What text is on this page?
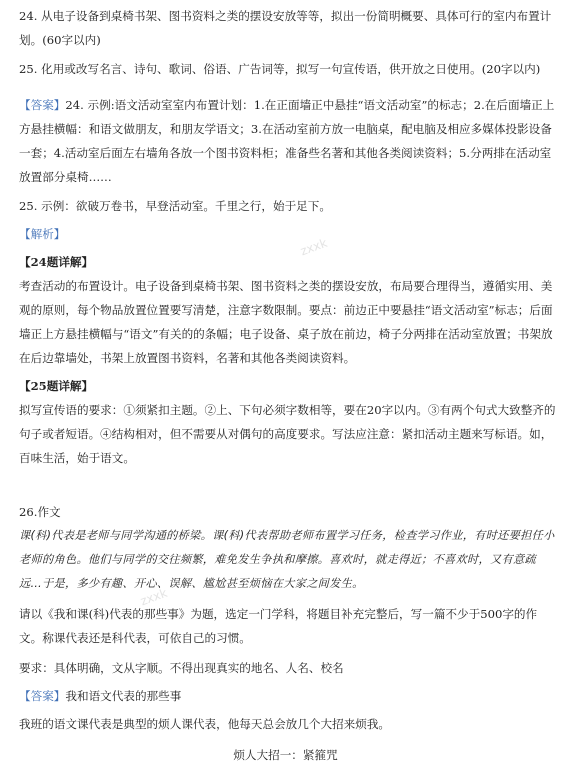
24. 从电子设备到桌椅书架、图书资料之类的摆设安放等等，拟出一份简明概要、具体可行的室内布置计划。(60字以内)

25. 化用或改写名言、诗句、歌词、俗语、广告词等，拟写一句宣传语，供开放之日使用。(20字以内)

【答案】24. 示例:语文活动室室内布置计划：1.在正面墙正中悬挂“语文活动室”的标志；2.在后面墙正上方悬挂横幅：和语文做朋友，和朋友学语文；3.在活动室前方放一电脑桌，配电脑及相应多媒体投影设备一套；4.活动室后面左右墙角各放一个图书资料柜；准备些名著和其他各类阅读资料；5.分两排在活动室放置部分桌椅……

25. 示例：欲破万卷书，早登活动室。千里之行，始于足下。

【解析】

【24题详解】

考查活动的布置设计。电子设备到桌椅书架、图书资料之类的摆设安放，布局要合理得当，遵循实用、美观的原则，每个物品放置位置要写清楚，注意字数限制。要点：前边正中要悬挂“语文活动室”标志；后面墙正上方悬挂横幅与“语文”有关的的条幅；电子设备、桌子放在前边，椅子分两排在活动室放置；书架放在后边靠墙处，书架上放置图书资料，名著和其他各类阅读资料。

【25题详解】

拟写宣传语的要求：①须紧扣主题。②上、下句必须字数相等，要在20字以内。③有两个句式大致整齐的句子或者短语。④结构相对，但不需要从对偶句的高度要求。写法应注意：紧扣活动主题来写标语。如，百味生活，始于语文。

26.作文

课(科)代表是老师与同学沟通的桥梁。课(科)代表帮助老师布置学习任务，检查学习作业，有时还要担任小老师的角色。他们与同学的交往频繁，难免发生争执和摩擦。喜欢时，就走得近；不喜欢时，又有意疏远…于是，多少有趣、开心、误解、尴尬甚至烦恼在大家之间发生。

请以《我和课(科)代表的那些事》为题，选定一门学科，将题目补充完整后，写一篇不少于500字的作文。称课代表还是科代表，可依自己的习惯。

要求：具体明确，文从字顺。不得出现真实的地名、人名、校名

【答案】我和语文代表的那些事

我班的语文课代表是典型的烦人课代表，他每天总会放几个大招来烦我。

烦人大招一：紧箍咒
zxxk
zxxk
